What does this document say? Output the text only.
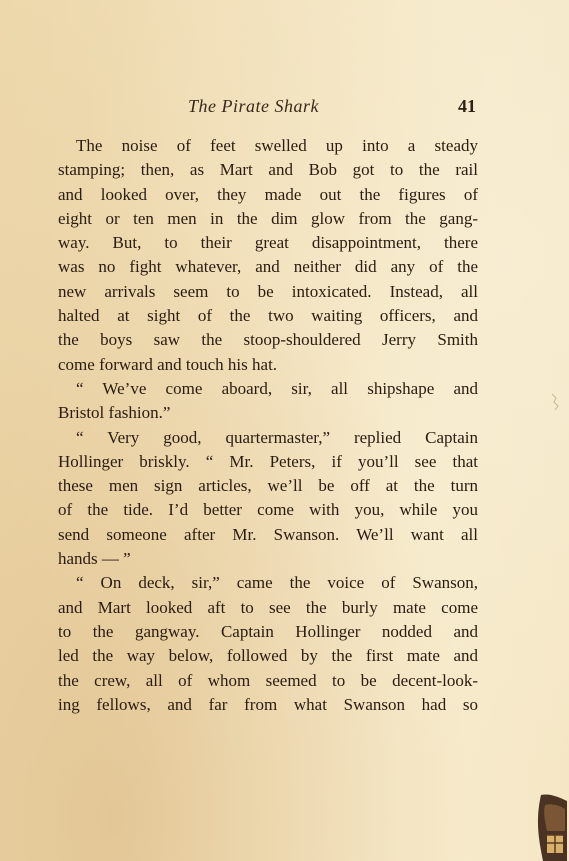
The Pirate Shark	41
The noise of feet swelled up into a steady
stamping; then, as Mart and Bob got to the rail
and looked over, they made out the figures of
eight or ten men in the dim glow from the gang-
way. But, to their great disappointment, there
was no fight whatever, and neither did any of the
new arrivals seem to be intoxicated. Instead, all
halted at sight of the two waiting officers, and
the boys saw the stoop-shouldered Jerry Smith
come forward and touch his hat.
“ We’ve come aboard, sir, all shipshape and
Bristol fashion.”
“ Very good, quartermaster,” replied Captain
Hollinger briskly. “ Mr. Peters, if you’ll see that
these men sign articles, we’ll be off at the turn
of the tide. I’d better come with you, while you
send someone after Mr. Swanson. We’ll want all
hands — ”
“ On deck, sir,” came the voice of Swanson,
and Mart looked aft to see the burly mate come
to the gangway. Captain Hollinger nodded and
led the way below, followed by the first mate and
the crew, all of whom seemed to be decent-look-
ing fellows, and far from what Swanson had so
